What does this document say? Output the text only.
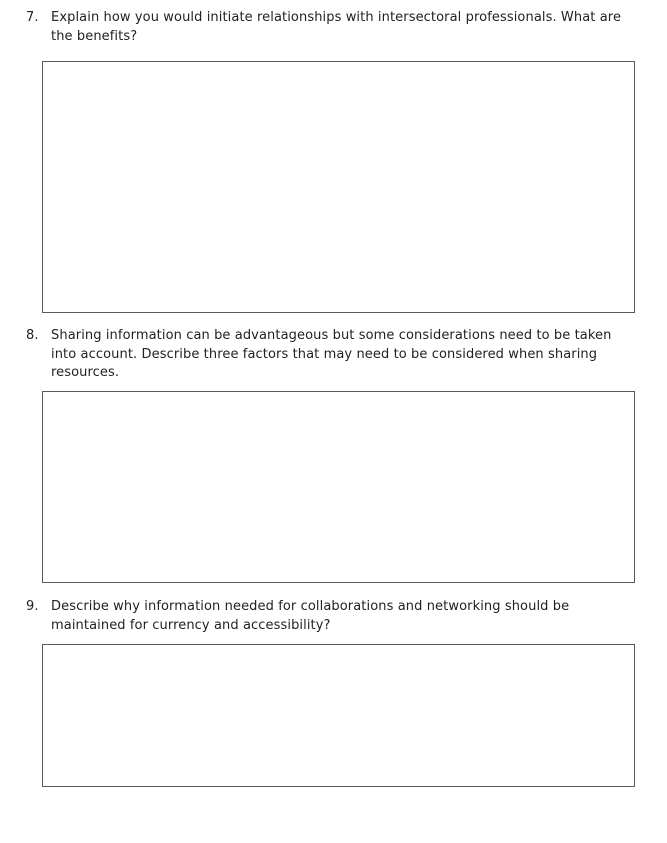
7. Explain how you would initiate relationships with intersectoral professionals. What are the benefits?
8. Sharing information can be advantageous but some considerations need to be taken into account. Describe three factors that may need to be considered when sharing resources.
9. Describe why information needed for collaborations and networking should be maintained for currency and accessibility?
